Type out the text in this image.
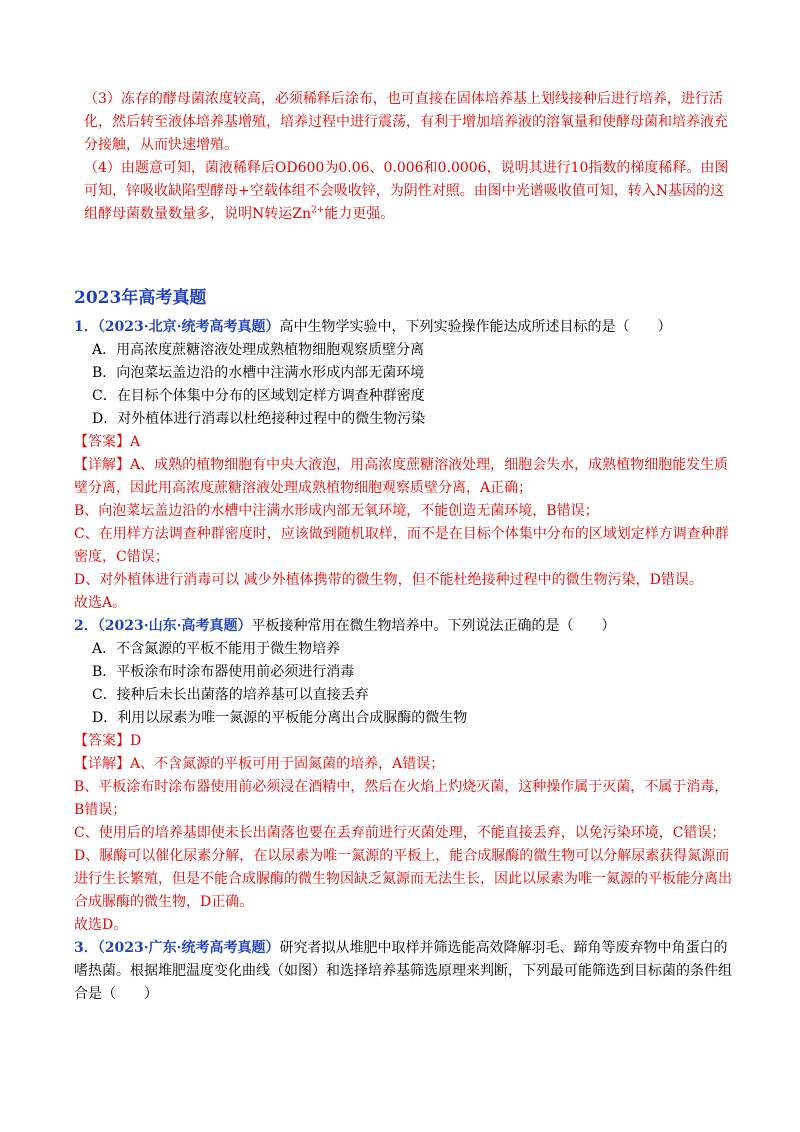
（3）冻存的酵母菌浓度较高，必须稀释后涂布，也可直接在固体培养基上划线接种后进行培养，进行活化，然后转至液体培养基增殖，培养过程中进行震荡，有利于增加培养液的溶氧量和使酵母菌和培养液充分接触，从而快速增殖。

（4）由题意可知，菌液稀释后OD600为0.06、0.006和0.0006，说明其进行10指数的梯度稀释。由图可知，锌吸收缺陷型酵母+空载体组不会吸收锌，为阴性对照。由图中光谱吸收值可知，转入N基因的这组酵母菌数量数量多，说明N转运$Zn^{2+}$能力更强。

2023年高考真题

1．（2023·北京·统考高考真题）高中生物学实验中，下列实验操作能达成所述目标的是（　　）

A．用高浓度蔗糖溶液处理成熟植物细胞观察质壁分离

B．向泡菜坛盖边沿的水槽中注满水形成内部无菌环境

C．在目标个体集中分布的区域划定样方调查种群密度

D．对外植体进行消毒以杜绝接种过程中的微生物污染

【答案】A

【详解】A、成熟的植物细胞有中央大液泡，用高浓度蔗糖溶液处理，细胞会失水，成熟植物细胞能发生质壁分离，因此用高浓度蔗糖溶液处理成熟植物细胞观察质壁分离，A正确；

B、向泡菜坛盖边沿的水槽中注满水形成内部无氧环境，不能创造无菌环境，B错误；

C、在用样方法调查种群密度时，应该做到随机取样，而不是在目标个体集中分布的区域划定样方调查种群密度，C错误；

D、对外植体进行消毒可以 减少外植体携带的微生物，但不能杜绝接种过程中的微生物污染，D错误。

故选A。

2．（2023·山东·高考真题）平板接种常用在微生物培养中。下列说法正确的是（　　）

A．不含氮源的平板不能用于微生物培养

B．平板涂布时涂布器使用前必须进行消毒

C．接种后未长出菌落的培养基可以直接丢弃

D．利用以尿素为唯一氮源的平板能分离出合成脲酶的微生物

【答案】D

【详解】A、不含氮源的平板可用于固氮菌的培养，A错误；

B、平板涂布时涂布器使用前必须浸在酒精中，然后在火焰上灼烧灭菌，这种操作属于灭菌，不属于消毒，B错误；

C、使用后的培养基即使未长出菌落也要在丢弃前进行灭菌处理，不能直接丢弃，以免污染环境，C错误；

D、脲酶可以催化尿素分解，在以尿素为唯一氮源的平板上，能合成脲酶的微生物可以分解尿素获得氮源而进行生长繁殖，但是不能合成脲酶的微生物因缺乏氮源而无法生长，因此以尿素为唯一氮源的平板能分离出合成脲酶的微生物，D正确。

故选D。

3．（2023·广东·统考高考真题）研究者拟从堆肥中取样并筛选能高效降解羽毛、蹄角等废弃物中角蛋白的嗜热菌。根据堆肥温度变化曲线（如图）和选择培养基筛选原理来判断，下列最可能筛选到目标菌的条件组合是（　　）
